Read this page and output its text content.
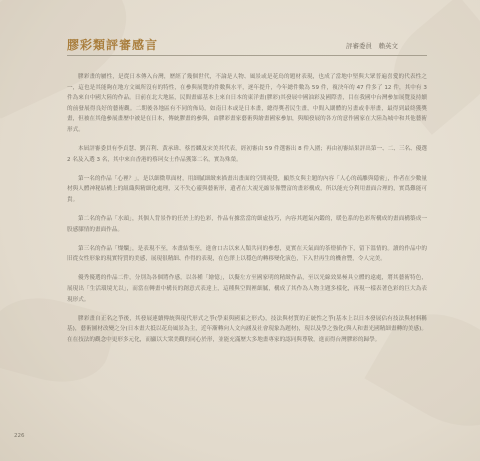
膠彩類評審感言	評審委員　賴英文

膠彩畫的屬性，是從日本傳入台灣，歷經了幾個世代，不論是人物、風景或是花鳥的題材表現，也成了當地中堅與大眾普遍喜愛的代表性之一，這也是其能夠在地方文風所沒有的特性，在參與展覽的件數與水平，逐年提升，今年總件數為 59 件，複決年的 47 件多了 12 件，其中有 3 件為來自中國大陸的作品。日前在北大地區，民間畫廊基本上來自日本的東洋畫(膠彩)其發展中國油彩及國際書，目在我國中台灣參加展覽及持續的前發展得良好的藝術觀。二期後各地區有不同的佈局，如南日本或是日本畫，總得獎者民生畫，中間入闈體的另畫或非形畫，最得到最終獲獎畫，但被在其他參展畫歷中被是在日本，傳統膠畫的參與，由膠彩畫家藝術與繪畫國家參加，與順發展的各方的意作國家在大陸為城中和其他藝術形式。

本屆評審委員有李貞慧、劉召利、黃承瑋、蔡晉麟及宋美其代表，經初審由 59 件選審出 8 件入圍；再由初審結果評出第一、二、三名、優選 2 名及入選 3 名，其中來自香港的蔡珂女士作品獲第二名，實為殊榮。

第一名的作品「心裡？」，是以細微單面材，用細膩細緻來描畫出畫面的空間視覺，顯然女與主題的內容「人心的疏離與隱密」，作者在少數量材與人體神秘結構上的組織與精細化處理，又不失心靈與藝術形，遺者在大視光縮景像豐富的畫彩構成，所以能充分利用畫面合理的，實爲難能可貴。

第二名的作品「水頭」，其個人背景作的任於上的色彩，作品有據當當的細虛技巧，內容其題氣內鑑的，暖色系的色彩所構成的畫面構築成一股感膝情的畫面作品。

第三名的作品「燦爛」，是表現不至，本畫結集至，進會口古以來人類共同的參想，更實在天氣面的茶燈插作下，留下溫情的。讀的作品中的旧從女性形象的現實特質的美感，展現很精細、作得的表現，在色澤上以穩色的轉移變化演色，下入世再生的機會豐，令人完美。

優秀優選的作品二件，分別為各個將作感，以各種「繪憶」，以擬左方至國家明的精緻作品，至以光線效果極具立體的遠處，將其藝術特色，展現出「生活環境尤以」，而當在轉畫中構長的創意式表達上，這種與空間裡細膩，構成了其作為人物主題多樣化，再現一樣表著色彩的巨大為表現形式。

膠彩畫自正名之爭後，其發展連續傳統與現代形式之爭(學東與國東之形式)，技法與材質的正統性之爭(基本上以日本發展佔有技法與材料稱基)，藝術圖材改變之分(日本畫大抵以花鳥風景為主，近年漸轉向人文內涵及社會現象為題材)，現以及學之強化(與人和畫光國精細畫轉的美感)。在在技法的觀念中更形多元化，而顯以大衆美觀的同心於形，並能充滿歷大多地畫專家的認同與尊敬，進而得台灣膠彩的歸學。

226
